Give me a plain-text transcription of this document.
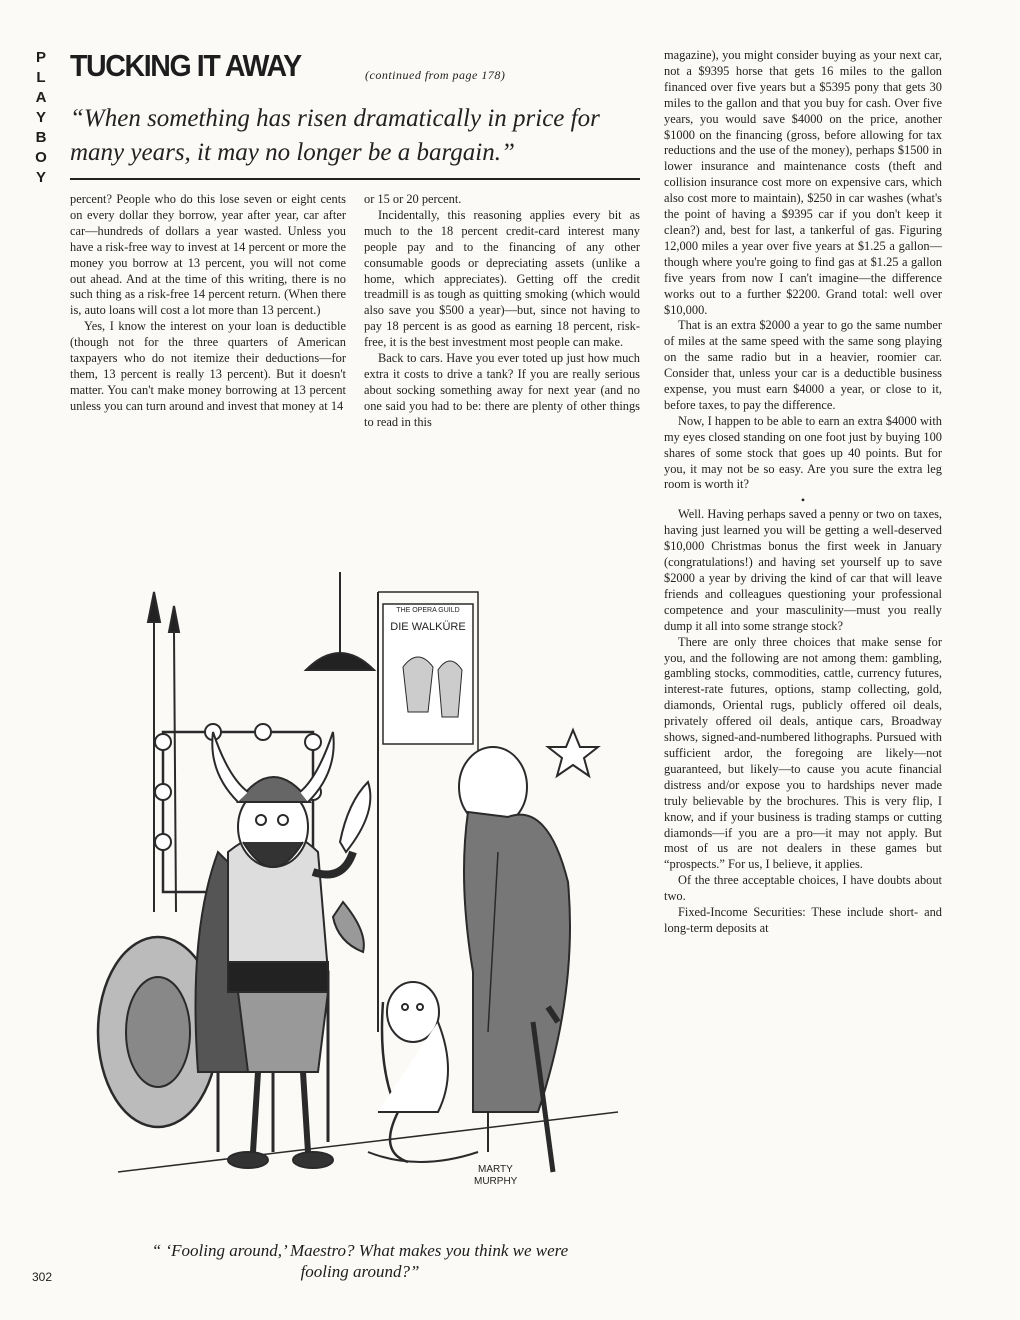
P
L
A
Y
B
O
Y
TUCKING IT AWAY	(continued from page 178)
“When something has risen dramatically in price for many years, it may no longer be a bargain.”

percent? People who do this lose seven or eight cents on every dollar they borrow, year after year, car after car—hundreds of dollars a year wasted. Unless you have a risk-free way to invest at 14 percent or more the money you borrow at 13 percent, you will not come out ahead. And at the time of this writing, there is no such thing as a risk-free 14 percent return. (When there is, auto loans will cost a lot more than 13 percent.)

Yes, I know the interest on your loan is deductible (though not for the three quarters of American taxpayers who do not itemize their deductions—for them, 13 percent is really 13 percent). But it doesn't matter. You can't make money borrowing at 13 percent unless you can turn around and invest that money at 14

or 15 or 20 percent.

Incidentally, this reasoning applies every bit as much to the 18 percent credit-card interest many people pay and to the financing of any other consumable goods or depreciating assets (unlike a home, which appreciates). Getting off the credit treadmill is as tough as quitting smoking (which would also save you $500 a year)—but, since not having to pay 18 percent is as good as earning 18 percent, risk-free, it is the best investment most people can make.

Back to cars. Have you ever toted up just how much extra it costs to drive a tank? If you are really serious about socking something away for next year (and no one said you had to be: there are plenty of other things to read in this

magazine), you might consider buying as your next car, not a $9395 horse that gets 16 miles to the gallon financed over five years but a $5395 pony that gets 30 miles to the gallon and that you buy for cash. Over five years, you would save $4000 on the price, another $1000 on the financing (gross, before allowing for tax reductions and the use of the money), perhaps $1500 in lower insurance and maintenance costs (theft and collision insurance cost more on expensive cars, which also cost more to maintain), $250 in car washes (what's the point of having a $9395 car if you don't keep it clean?) and, best for last, a tankerful of gas. Figuring 12,000 miles a year over five years at $1.25 a gallon—though where you're going to find gas at $1.25 a gallon five years from now I can't imagine—the difference works out to a further $2200. Grand total: well over $10,000.

That is an extra $2000 a year to go the same number of miles at the same speed with the same song playing on the same radio but in a heavier, roomier car. Consider that, unless your car is a deductible business expense, you must earn $4000 a year, or close to it, before taxes, to pay the difference.

Now, I happen to be able to earn an extra $4000 with my eyes closed standing on one foot just by buying 100 shares of some stock that goes up 40 points. But for you, it may not be so easy. Are you sure the extra leg room is worth it?

•

Well. Having perhaps saved a penny or two on taxes, having just learned you will be getting a well-deserved $10,000 Christmas bonus the first week in January (congratulations!) and having set yourself up to save $2000 a year by driving the kind of car that will leave friends and colleagues questioning your professional competence and your masculinity—must you really dump it all into some strange stock?

There are only three choices that make sense for you, and the following are not among them: gambling, gambling stocks, commodities, cattle, currency futures, interest-rate futures, options, stamp collecting, gold, diamonds, Oriental rugs, publicly offered oil deals, privately offered oil deals, antique cars, Broadway shows, signed-and-numbered lithographs. Pursued with sufficient ardor, the foregoing are likely—not guaranteed, but likely—to cause you acute financial distress and/or expose you to hardships never made truly believable by the brochures. This is very flip, I know, and if your business is trading stamps or cutting diamonds—if you are a pro—it may not apply. But most of us are not dealers in these games but “prospects.” For us, I believe, it applies.

Of the three acceptable choices, I have doubts about two.

Fixed-Income Securities: These include short- and long-term deposits at

THE OPERA GUILD
DIE WALKÜRE
MARTY
MURPHY
“ ‘Fooling around,’ Maestro? What makes you think we were fooling around?”
302
